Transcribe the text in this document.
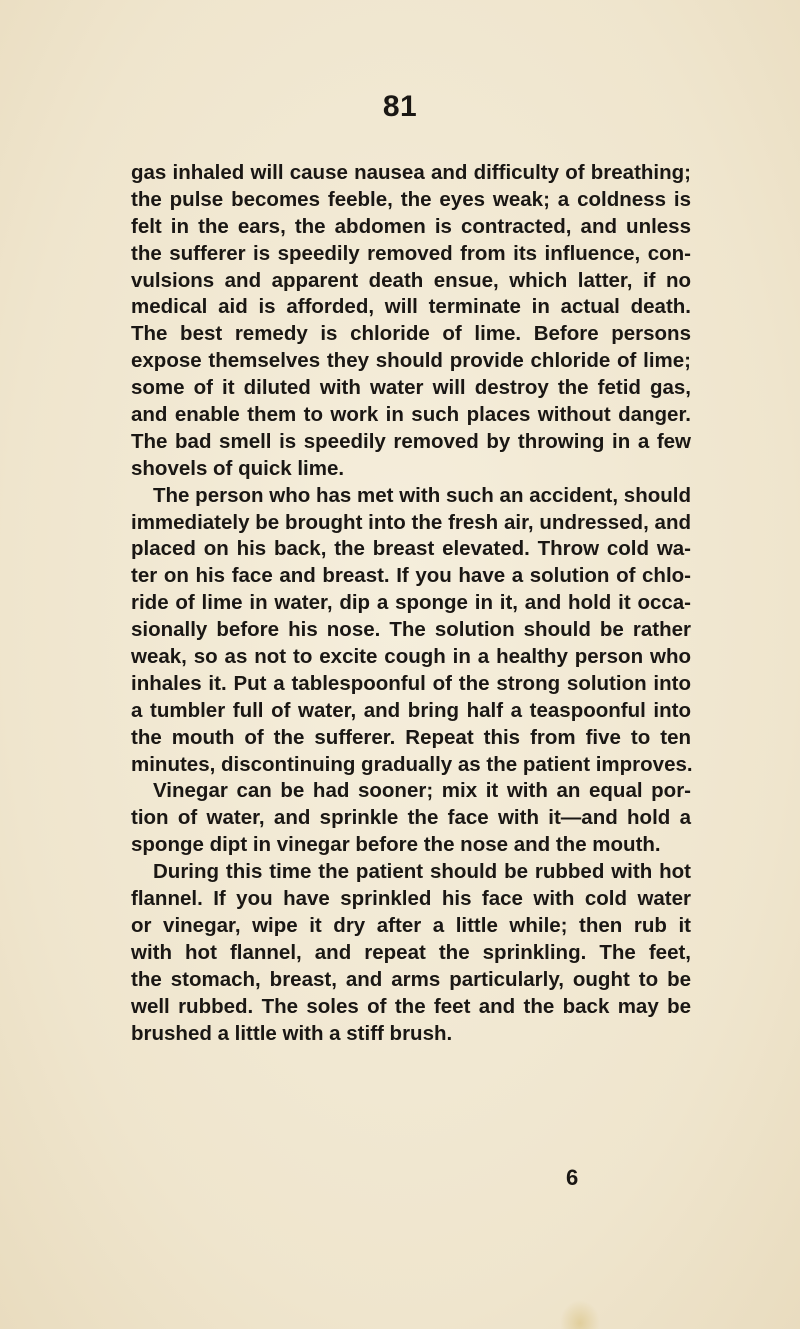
81
gas inhaled will cause nausea and difficulty of breathing;
the pulse becomes feeble, the eyes weak; a coldness is
felt in the ears, the abdomen is contracted, and unless
the sufferer is speedily removed from its influence, con-
vulsions and apparent death ensue, which latter, if no
medical aid is afforded, will terminate in actual death.
The best remedy is chloride of lime. Before persons
expose themselves they should provide chloride of lime;
some of it diluted with water will destroy the fetid gas,
and enable them to work in such places without danger.
The bad smell is speedily removed by throwing in a few
shovels of quick lime.
The person who has met with such an accident, should
immediately be brought into the fresh air, undressed, and
placed on his back, the breast elevated. Throw cold wa-
ter on his face and breast. If you have a solution of chlo-
ride of lime in water, dip a sponge in it, and hold it occa-
sionally before his nose. The solution should be rather
weak, so as not to excite cough in a healthy person who
inhales it. Put a tablespoonful of the strong solution into
a tumbler full of water, and bring half a teaspoonful into
the mouth of the sufferer. Repeat this from five to ten
minutes, discontinuing gradually as the patient improves.
Vinegar can be had sooner; mix it with an equal por-
tion of water, and sprinkle the face with it—and hold a
sponge dipt in vinegar before the nose and the mouth.
During this time the patient should be rubbed with hot
flannel. If you have sprinkled his face with cold water
or vinegar, wipe it dry after a little while; then rub it
with hot flannel, and repeat the sprinkling. The feet,
the stomach, breast, and arms particularly, ought to be
well rubbed. The soles of the feet and the back may be
brushed a little with a stiff brush.
6
